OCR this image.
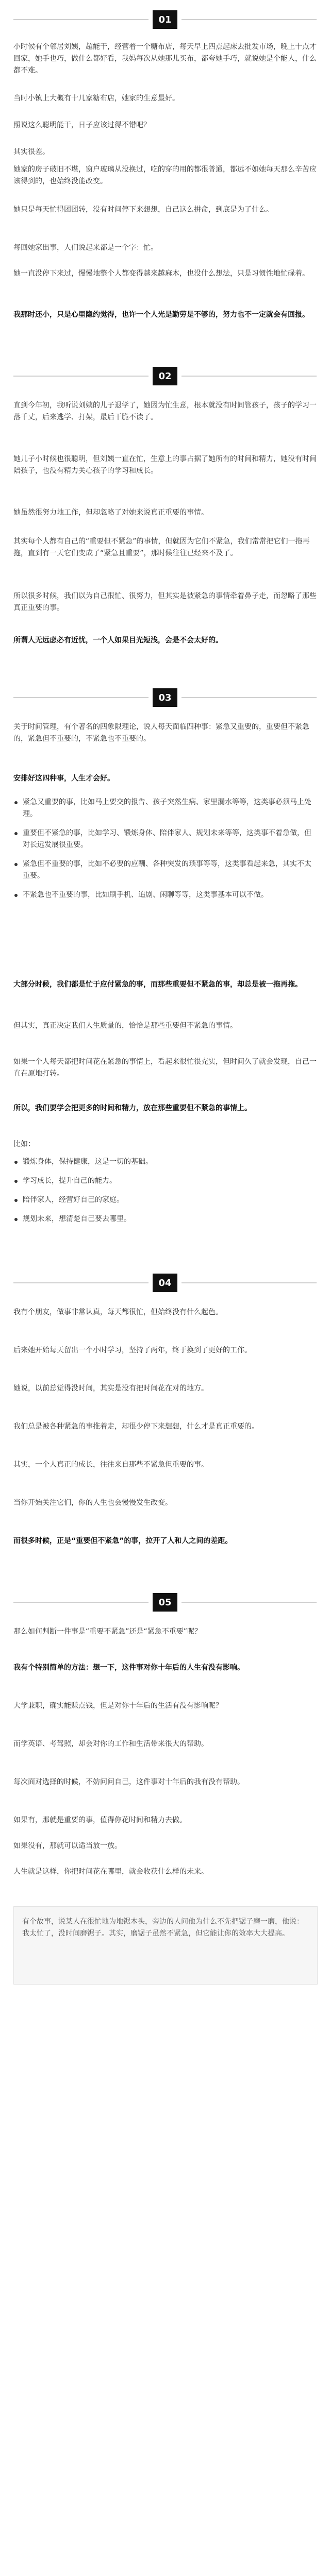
01
小时候有个邻居刘姨，超能干，经营着一个糖布店，每天早上四点起床去批发市场，晚上十点才回家，她手也巧，做什么都好看，我妈每次从她那儿买布，都夸她手巧，就说她是个能人，什么都不难。
当时小镇上大概有十几家糖布店，她家的生意最好。
照说这么聪明能干，日子应该过得不错吧？
其实很差。
她家的房子破旧不堪，窗户玻璃从没换过，吃的穿的用的都很普通，都远不如她每天那么辛苦应该得到的，也始终没能改变。
她只是每天忙得团团转，没有时间停下来想想，自己这么拼命，到底是为了什么。
每回她家出事，人们说起来都是一个字：忙。
她一直没停下来过，慢慢地整个人都变得越来越麻木，也没什么想法，只是习惯性地忙碌着。
我那时还小，只是心里隐约觉得，也许一个人光是勤劳是不够的，努力也不一定就会有回报。
02
直到今年初，我听说刘姨的儿子退学了，她因为忙生意，根本就没有时间管孩子，孩子的学习一落千丈，后来逃学、打架，最后干脆不读了。
她儿子小时候也很聪明，但刘姨一直在忙，生意上的事占据了她所有的时间和精力，她没有时间陪孩子，也没有精力关心孩子的学习和成长。
她虽然很努力地工作，但却忽略了对她来说真正重要的事情。
其实每个人都有自己的“重要但不紧急”的事情，但就因为它们不紧急，我们常常把它们一拖再拖，直到有一天它们变成了“紧急且重要”，那时候往往已经来不及了。
所以很多时候，我们以为自己很忙、很努力，但其实是被紧急的事情牵着鼻子走，而忽略了那些真正重要的事。
所谓人无远虑必有近忧，一个人如果目光短浅，会是不会太好的。
03
关于时间管理，有个著名的四象限理论，说人每天面临四种事：紧急又重要的，重要但不紧急的，紧急但不重要的，不紧急也不重要的。
安排好这四种事，人生才会好。
紧急又重要的事，比如马上要交的报告、孩子突然生病、家里漏水等等，这类事必须马上处理。
重要但不紧急的事，比如学习、锻炼身体、陪伴家人、规划未来等等，这类事不着急做，但对长远发展很重要。
紧急但不重要的事，比如不必要的应酬、各种突发的琐事等等，这类事看起来急，其实不太重要。
不紧急也不重要的事，比如刷手机、追剧、闲聊等等，这类事基本可以不做。
大部分时候，我们都是忙于应付紧急的事，而那些重要但不紧急的事，却总是被一拖再拖。
但其实，真正决定我们人生质量的，恰恰是那些重要但不紧急的事情。
如果一个人每天都把时间花在紧急的事情上，看起来很忙很充实，但时间久了就会发现，自己一直在原地打转。
所以，我们要学会把更多的时间和精力，放在那些重要但不紧急的事情上。
比如：
锻炼身体，保持健康，这是一切的基础。
学习成长，提升自己的能力。
陪伴家人，经营好自己的家庭。
规划未来，想清楚自己要去哪里。
04
我有个朋友，做事非常认真，每天都很忙，但始终没有什么起色。
后来她开始每天留出一个小时学习，坚持了两年，终于换到了更好的工作。
她说，以前总觉得没时间，其实是没有把时间花在对的地方。
我们总是被各种紧急的事推着走，却很少停下来想想，什么才是真正重要的。
其实，一个人真正的成长，往往来自那些不紧急但重要的事。
当你开始关注它们，你的人生也会慢慢发生改变。
而很多时候，正是“重要但不紧急”的事，拉开了人和人之间的差距。
05
那么如何判断一件事是“重要不紧急”还是“紧急不重要”呢？
我有个特别简单的方法：想一下，这件事对你十年后的人生有没有影响。
大学兼职，确实能赚点钱，但是对你十年后的生活有没有影响呢？
而学英语、考驾照，却会对你的工作和生活带来很大的帮助。
每次面对选择的时候，不妨问问自己，这件事对十年后的我有没有帮助。
如果有，那就是重要的事，值得你花时间和精力去做。
如果没有，那就可以适当放一放。
人生就是这样，你把时间花在哪里，就会收获什么样的未来。
有个故事，说某人在很忙地为地锯木头，旁边的人问他为什么不先把锯子磨一磨，他说：我太忙了，没时间磨锯子。其实，磨锯子虽然不紧急，但它能让你的效率大大提高。
